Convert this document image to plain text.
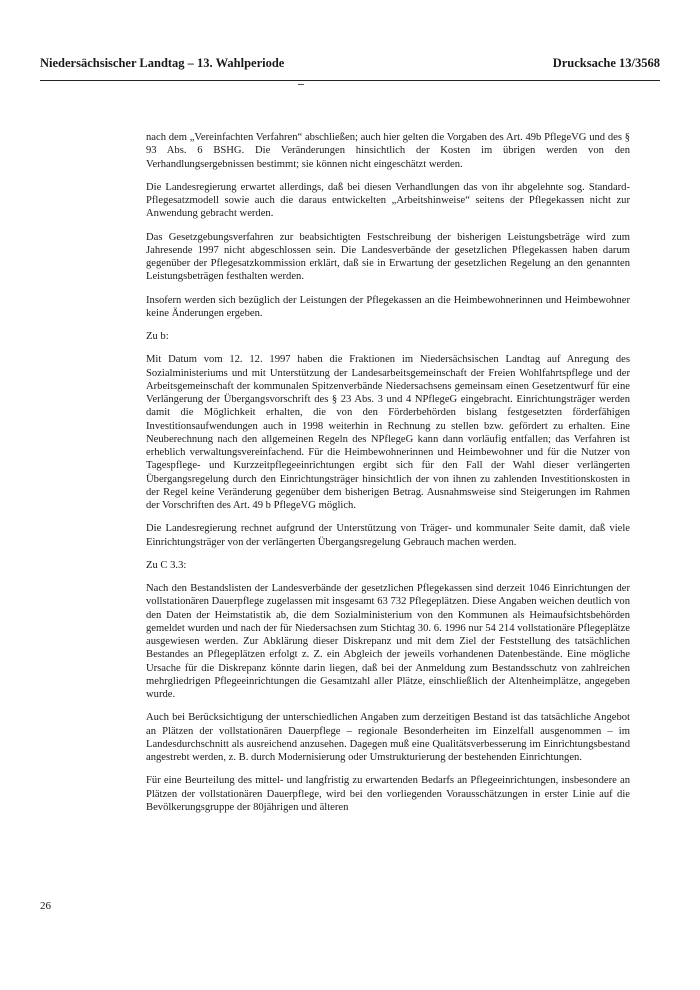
Niedersächsischer Landtag – 13. Wahlperiode	Drucksache 13/3568

nach dem „Vereinfachten Verfahren“ abschließen; auch hier gelten die Vorgaben des Art. 49b PflegeVG und des § 93 Abs. 6 BSHG. Die Veränderungen hinsichtlich der Kosten im übrigen werden von den Verhandlungsergebnissen bestimmt; sie können nicht eingeschätzt werden.

Die Landesregierung erwartet allerdings, daß bei diesen Verhandlungen das von ihr abgelehnte sog. Standard-Pflegesatzmodell sowie auch die daraus entwickelten „Arbeitshinweise“ seitens der Pflegekassen nicht zur Anwendung gebracht werden.

Das Gesetzgebungsverfahren zur beabsichtigten Festschreibung der bisherigen Leistungsbeträge wird zum Jahresende 1997 nicht abgeschlossen sein. Die Landesverbände der gesetzlichen Pflegekassen haben darum gegenüber der Pflegesatzkommission erklärt, daß sie in Erwartung der gesetzlichen Regelung an den genannten Leistungsbeträgen festhalten werden.

Insofern werden sich bezüglich der Leistungen der Pflegekassen an die Heimbewohnerinnen und Heimbewohner keine Änderungen ergeben.

Zu b:

Mit Datum vom 12. 12. 1997 haben die Fraktionen im Niedersächsischen Landtag auf Anregung des Sozialministeriums und mit Unterstützung der Landesarbeitsgemeinschaft der Freien Wohlfahrtspflege und der Arbeitsgemeinschaft der kommunalen Spitzenverbände Niedersachsens gemeinsam einen Gesetzentwurf für eine Verlängerung der Übergangsvorschrift des § 23 Abs. 3 und 4 NPflegeG eingebracht. Einrichtungsträger werden damit die Möglichkeit erhalten, die von den Förderbehörden bislang festgesetzten förderfähigen Investitionsaufwendungen auch in 1998 weiterhin in Rechnung zu stellen bzw. gefördert zu erhalten. Eine Neuberechnung nach den allgemeinen Regeln des NPflegeG kann dann vorläufig entfallen; das Verfahren ist erheblich verwaltungsvereinfachend. Für die Heimbewohnerinnen und Heimbewohner und für die Nutzer von Tagespflege- und Kurzzeitpflegeeinrichtungen ergibt sich für den Fall der Wahl dieser verlängerten Übergangsregelung durch den Einrichtungsträger hinsichtlich der von ihnen zu zahlenden Investitionskosten in der Regel keine Veränderung gegenüber dem bisherigen Betrag. Ausnahmsweise sind Steigerungen im Rahmen der Vorschriften des Art. 49 b PflegeVG möglich.

Die Landesregierung rechnet aufgrund der Unterstützung von Träger- und kommunaler Seite damit, daß viele Einrichtungsträger von der verlängerten Übergangsregelung Gebrauch machen werden.

Zu C 3.3:

Nach den Bestandslisten der Landesverbände der gesetzlichen Pflegekassen sind derzeit 1046 Einrichtungen der vollstationären Dauerpflege zugelassen mit insgesamt 63 732 Pflegeplätzen. Diese Angaben weichen deutlich von den Daten der Heimstatistik ab, die dem Sozialministerium von den Kommunen als Heimaufsichtsbehörden gemeldet wurden und nach der für Niedersachsen zum Stichtag 30. 6. 1996 nur 54 214 vollstationäre Pflegeplätze ausgewiesen werden. Zur Abklärung dieser Diskrepanz und mit dem Ziel der Feststellung des tatsächlichen Bestandes an Pflegeplätzen erfolgt z. Z. ein Abgleich der jeweils vorhandenen Datenbestände. Eine mögliche Ursache für die Diskrepanz könnte darin liegen, daß bei der Anmeldung zum Bestandsschutz von zahlreichen mehrgliedrigen Pflegeeinrichtungen die Gesamtzahl aller Plätze, einschließlich der Altenheimplätze, angegeben wurde.

Auch bei Berücksichtigung der unterschiedlichen Angaben zum derzeitigen Bestand ist das tatsächliche Angebot an Plätzen der vollstationären Dauerpflege – regionale Besonderheiten im Einzelfall ausgenommen – im Landesdurchschnitt als ausreichend anzusehen. Dagegen muß eine Qualitätsverbesserung im Einrichtungsbestand angestrebt werden, z. B. durch Modernisierung oder Umstrukturierung der bestehenden Einrichtungen.

Für eine Beurteilung des mittel- und langfristig zu erwartenden Bedarfs an Pflegeeinrichtungen, insbesondere an Plätzen der vollstationären Dauerpflege, wird bei den vorliegenden Vorausschätzungen in erster Linie auf die Bevölkerungsgruppe der 80jährigen und älteren

26
